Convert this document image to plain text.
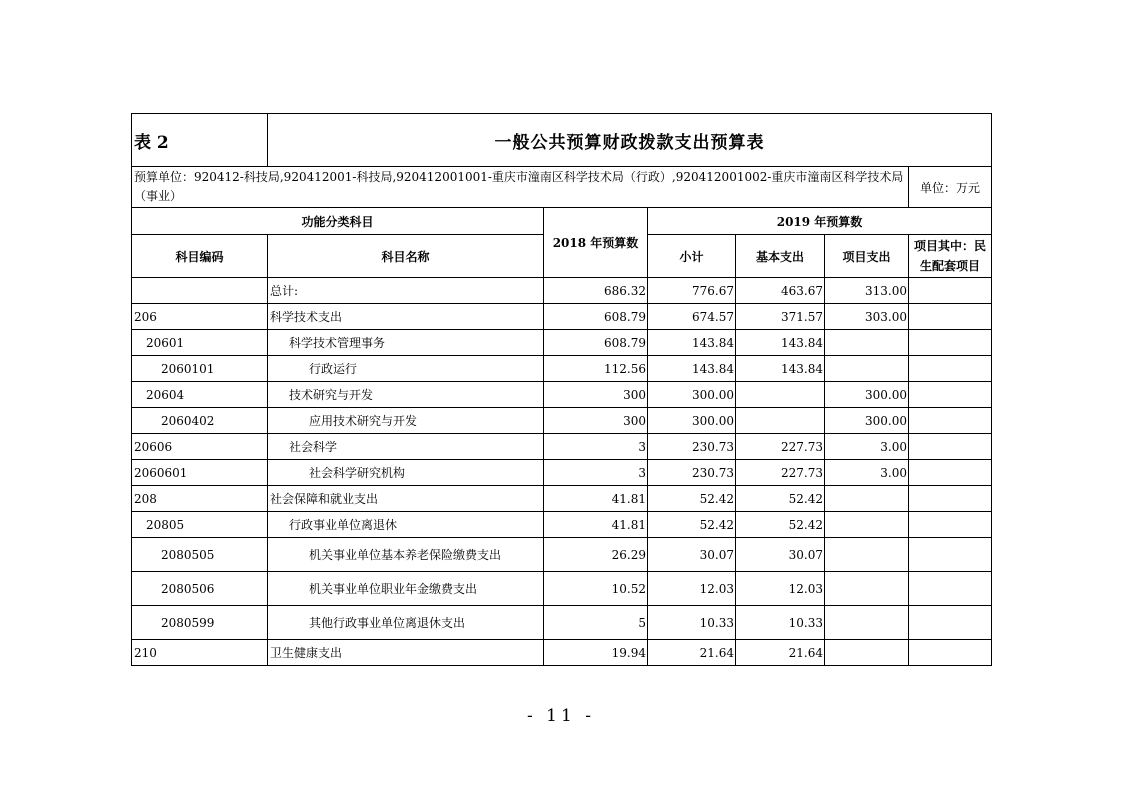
表 2	一般公共预算财政拨款支出预算表					
预算单位：920412-科技局,920412001-科技局,920412001001-重庆市潼南区科学技术局（行政）,920412001002-重庆市潼南区科学技术局（事业）						单位：万元
功能分类科目		2018 年预算数	2019 年预算数			
科目编码	科目名称		小计	基本支出	项目支出	项目其中：民生配套项目
	总计:	686.32	776.67	463.67	313.00	
206	科学技术支出	608.79	674.57	371.57	303.00	
20601	科学技术管理事务	608.79	143.84	143.84		
2060101	行政运行	112.56	143.84	143.84		
20604	技术研究与开发	300	300.00		300.00	
2060402	应用技术研究与开发	300	300.00		300.00	
20606	社会科学	3	230.73	227.73	3.00	
2060601	社会科学研究机构	3	230.73	227.73	3.00	
208	社会保障和就业支出	41.81	52.42	52.42		
20805	行政事业单位离退休	41.81	52.42	52.42		
2080505	机关事业单位基本养老保险缴费支出	26.29	30.07	30.07		
2080506	机关事业单位职业年金缴费支出	10.52	12.03	12.03		
2080599	其他行政事业单位离退休支出	5	10.33	10.33		
210	卫生健康支出	19.94	21.64	21.64		
- 11 -
